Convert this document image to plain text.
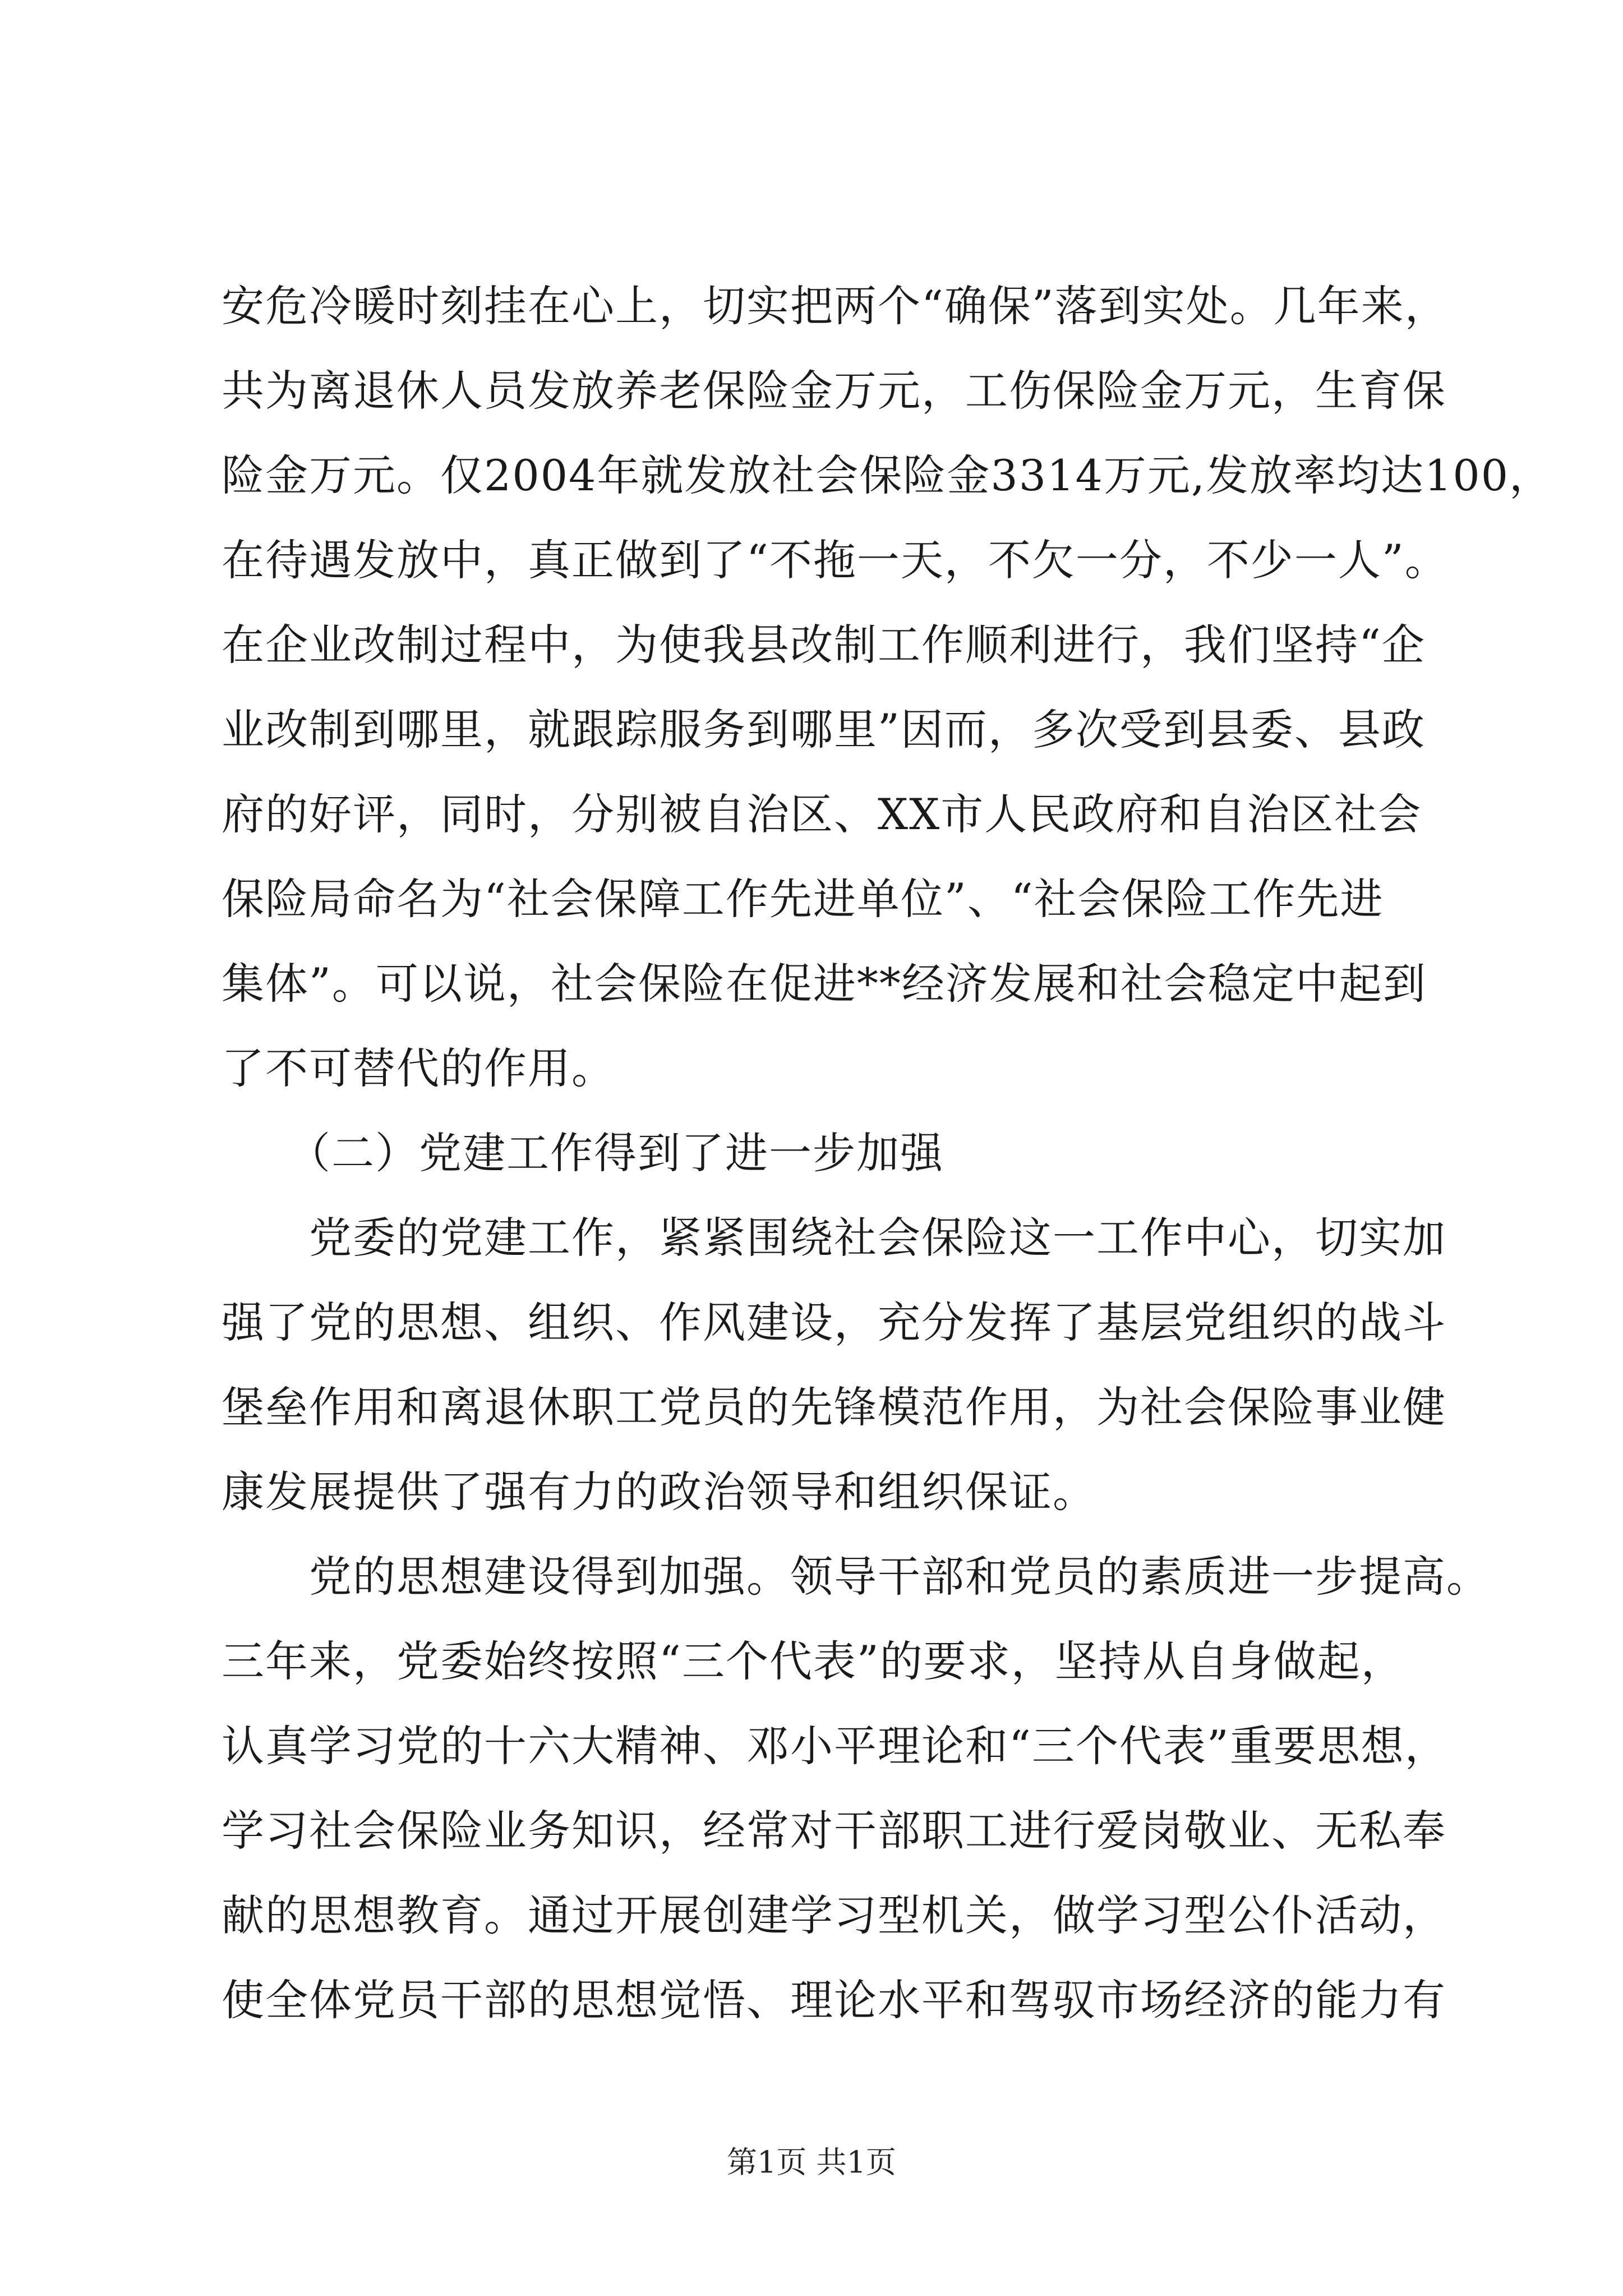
安危冷暖时刻挂在心上，切实把两个“确保”落到实处。几年来，
共为离退休人员发放养老保险金万元，工伤保险金万元，生育保
险金万元。仅2004年就发放社会保险金3314万元,发放率均达100，
在待遇发放中，真正做到了“不拖一天，不欠一分，不少一人”。
在企业改制过程中，为使我县改制工作顺利进行，我们坚持“企
业改制到哪里，就跟踪服务到哪里”因而，多次受到县委、县政
府的好评，同时，分别被自治区、XX市人民政府和自治区社会
保险局命名为“社会保障工作先进单位”、“社会保险工作先进
集体”。可以说，社会保险在促进**经济发展和社会稳定中起到
了不可替代的作用。
　　（二）党建工作得到了进一步加强
　　党委的党建工作，紧紧围绕社会保险这一工作中心，切实加
强了党的思想、组织、作风建设，充分发挥了基层党组织的战斗
堡垒作用和离退休职工党员的先锋模范作用，为社会保险事业健
康发展提供了强有力的政治领导和组织保证。
　　党的思想建设得到加强。领导干部和党员的素质进一步提高。
三年来，党委始终按照“三个代表”的要求，坚持从自身做起，
认真学习党的十六大精神、邓小平理论和“三个代表”重要思想，
学习社会保险业务知识，经常对干部职工进行爱岗敬业、无私奉
献的思想教育。通过开展创建学习型机关，做学习型公仆活动，
使全体党员干部的思想觉悟、理论水平和驾驭市场经济的能力有
第1页 共1页
